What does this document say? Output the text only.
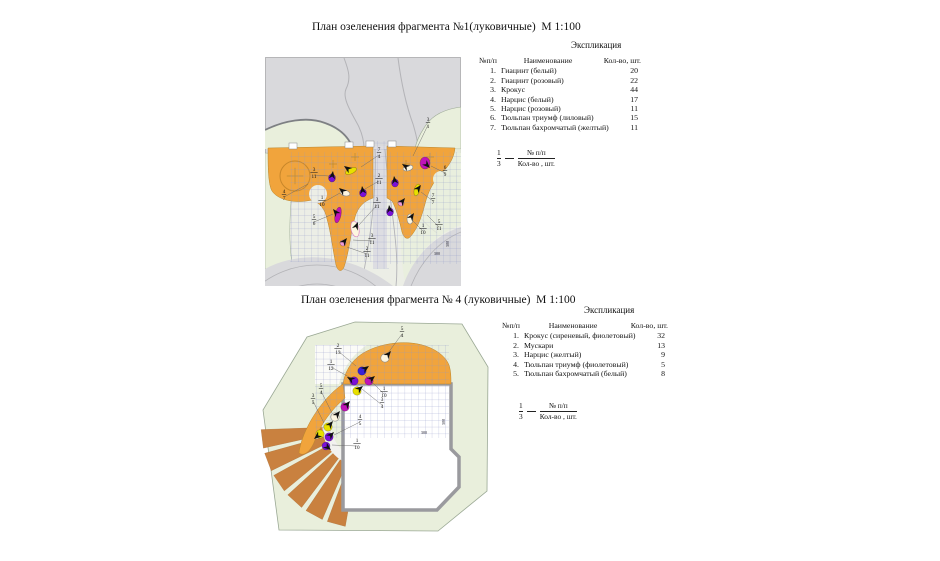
План озеленения фрагмента №1(луковичные)  М 1:100
3
1
7
4
3
11
4
7	1
10
5
6
2
11
3
11
3
11
2
11
6
9
7
7
5
11
1
10
300
300
Экспликация
№п/п	Наименование	Кол-во, шт.
1. Гиацинт (белый)	20
2. Гиацинт (розовый)	22
3. Крокус	44
4. Нарцис (белый)	17
5. Нарцис (розовый)	11
6. Тюльпан триумф (лиловый)	15
7. Тюльпан бахромчатый (желтый)	11
$\frac{1}{3} \frac{№ п/п}{\text{Кол-во , шт.}}$
План озеленения фрагмента № 4 (луковичные)  М 1:100
5
4
2
13
1
12
5
4
3
5
1
10
3
4
4
5
1
10
300
300
Экспликация
№п/п	Наименование	Кол-во, шт.
1. Крокус (сиреневый, фиолетовый)	32
2. Мускари	13
3. Нарцис (желтый)	9
4. Тюльпан триумф (фиолетовый)	5
5. Тюльпан бахромчатый (белый)	8
$\frac{1}{3} \frac{№ п/п}{\text{Кол-во , шт.}}$
